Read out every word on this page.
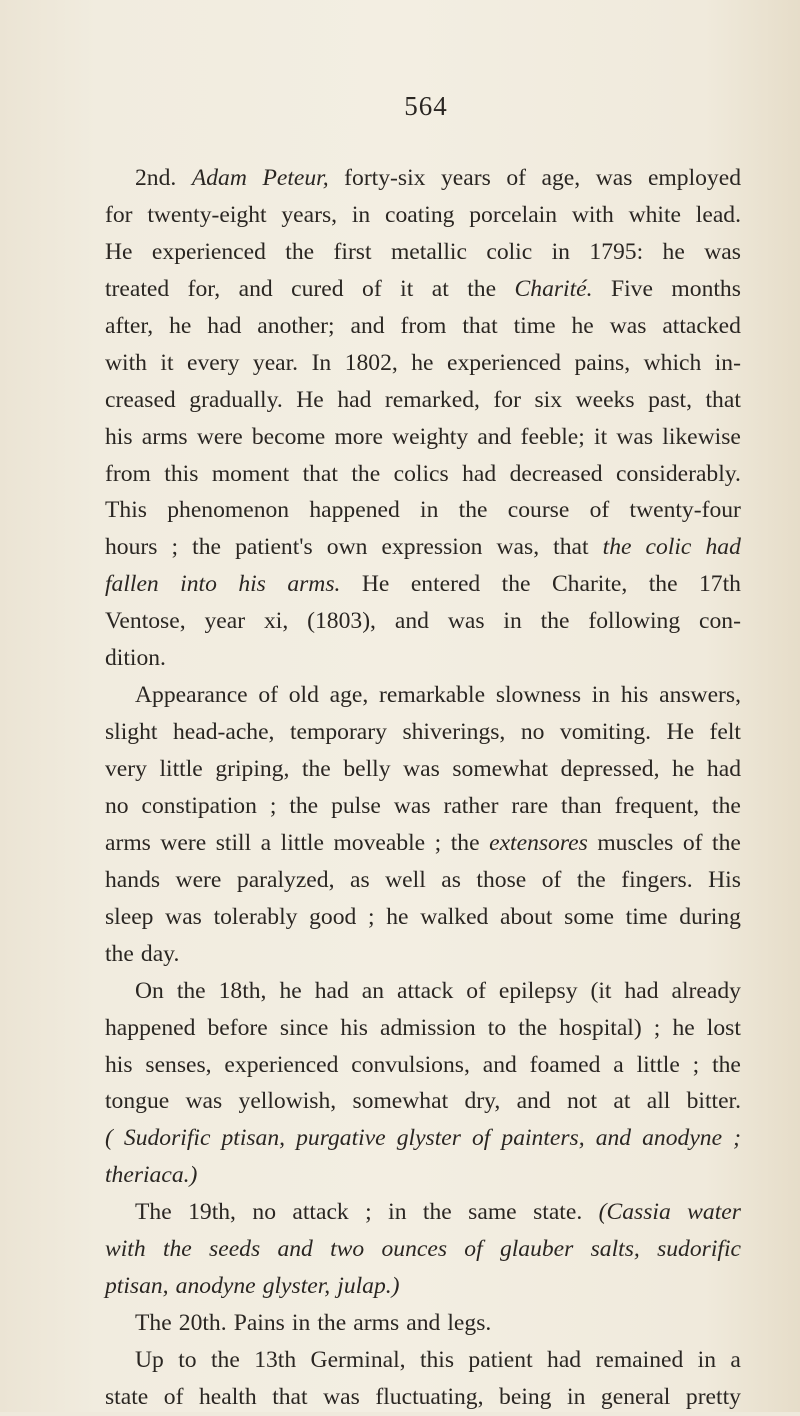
564
2nd. Adam Peteur, forty-six years of age, was employed
for twenty-eight years, in coating porcelain with white lead.
He experienced the first metallic colic in 1795: he was
treated for, and cured of it at the Charité. Five months
after, he had another; and from that time he was attacked
with it every year. In 1802, he experienced pains, which in-
creased gradually. He had remarked, for six weeks past, that
his arms were become more weighty and feeble; it was likewise
from this moment that the colics had decreased considerably.
This phenomenon happened in the course of twenty-four
hours ; the patient's own expression was, that the colic had
fallen into his arms. He entered the Charite, the 17th
Ventose, year xi, (1803), and was in the following con-
dition.
Appearance of old age, remarkable slowness in his answers,
slight head-ache, temporary shiverings, no vomiting. He felt
very little griping, the belly was somewhat depressed, he had
no constipation ; the pulse was rather rare than frequent, the
arms were still a little moveable ; the extensores muscles of the
hands were paralyzed, as well as those of the fingers. His
sleep was tolerably good ; he walked about some time during
the day.
On the 18th, he had an attack of epilepsy (it had already
happened before since his admission to the hospital) ; he lost
his senses, experienced convulsions, and foamed a little ; the
tongue was yellowish, somewhat dry, and not at all bitter.
( Sudorific ptisan, purgative glyster of painters, and anodyne ;
theriaca.)
The 19th, no attack ; in the same state. (Cassia water
with the seeds and two ounces of glauber salts, sudorific
ptisan, anodyne glyster, julap.)
The 20th. Pains in the arms and legs.
Up to the 13th Germinal, this patient had remained in a
state of health that was fluctuating, being in general pretty
